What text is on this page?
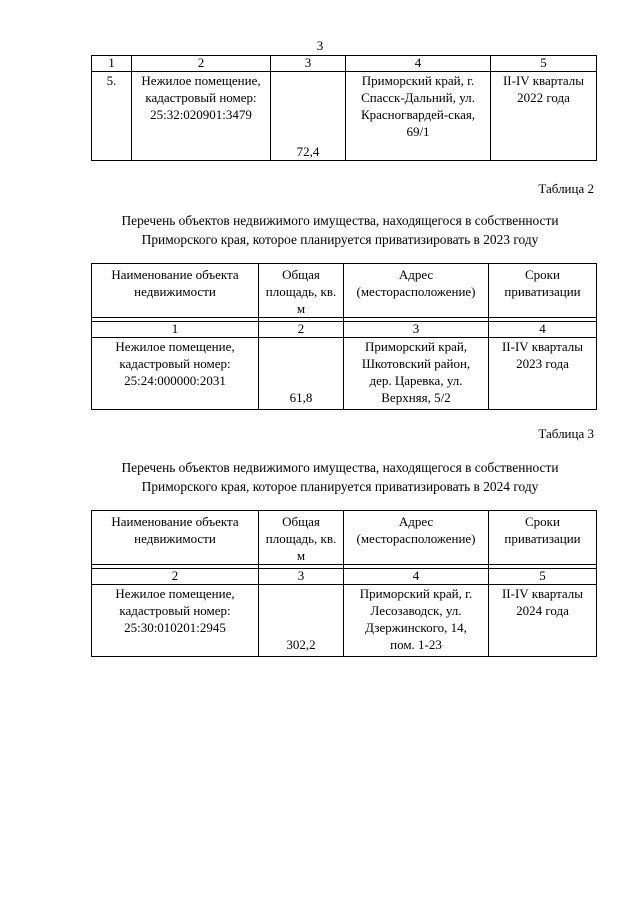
3
1	2	3	4	5
5.	Нежилое помещение, кадастровый номер: 25:32:020901:3479	72,4	Приморский край, г. Спасск-Дальний, ул. Красногвардей-ская, 69/1	II-IV кварталы 2022 года
Таблица 2
Перечень объектов недвижимого имущества, находящегося в собственности
Приморского края, которое планируется приватизировать в 2023 году
Наименование объекта недвижимости	Общая площадь, кв. м	Адрес (месторасположение)	Сроки приватизации

1	2	3	4
Нежилое помещение, кадастровый номер: 25:24:000000:2031	61,8	Приморский край, Шкотовский район, дер. Царевка, ул. Верхняя, 5/2	II-IV кварталы 2023 года
Таблица 3
Перечень объектов недвижимого имущества, находящегося в собственности
Приморского края, которое планируется приватизировать в 2024 году
Наименование объекта недвижимости	Общая площадь, кв. м	Адрес (месторасположение)	Сроки приватизации

2	3	4	5
Нежилое помещение, кадастровый номер: 25:30:010201:2945	302,2	Приморский край, г. Лесозаводск, ул. Дзержинского, 14, пом. 1-23	II-IV кварталы 2024 года
